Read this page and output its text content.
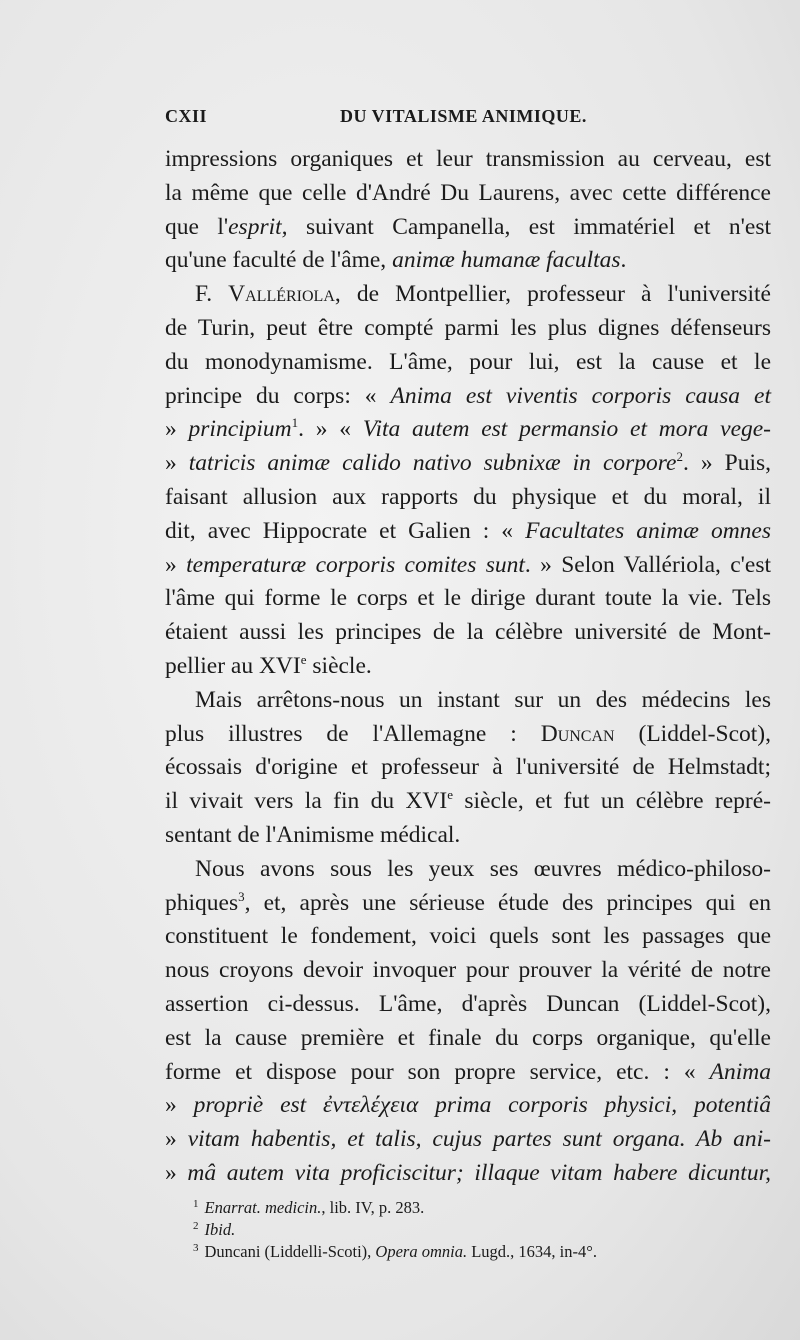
CXII	DU VITALISME ANIMIQUE.
impressions organiques et leur transmission au cerveau, est
la même que celle d'André Du Laurens, avec cette différence
que l'esprit, suivant Campanella, est immatériel et n'est
qu'une faculté de l'âme, animæ humanæ facultas.
F. Vallériola, de Montpellier, professeur à l'université
de Turin, peut être compté parmi les plus dignes défenseurs
du monodynamisme. L'âme, pour lui, est la cause et le
principe du corps: « Anima est viventis corporis causa et
» principium$^1$. » « Vita autem est permansio et mora vege-
» tatricis animæ calido nativo subnixæ in corpore$^2$. » Puis,
faisant allusion aux rapports du physique et du moral, il
dit, avec Hippocrate et Galien : « Facultates animæ omnes
» temperaturæ corporis comites sunt. » Selon Vallériola, c'est
l'âme qui forme le corps et le dirige durant toute la vie. Tels
étaient aussi les principes de la célèbre université de Mont-
pellier au XVIe siècle.
Mais arrêtons-nous un instant sur un des médecins les
plus illustres de l'Allemagne : Duncan (Liddel-Scot),
écossais d'origine et professeur à l'université de Helmstadt;
il vivait vers la fin du XVIe siècle, et fut un célèbre repré-
sentant de l'Animisme médical.
Nous avons sous les yeux ses œuvres médico-philoso-
phiques$^3$, et, après une sérieuse étude des principes qui en
constituent le fondement, voici quels sont les passages que
nous croyons devoir invoquer pour prouver la vérité de notre
assertion ci-dessus. L'âme, d'après Duncan (Liddel-Scot),
est la cause première et finale du corps organique, qu'elle
forme et dispose pour son propre service, etc. : « Anima
» propriè est ἐντελέχεια prima corporis physici, potentiâ
» vitam habentis, et talis, cujus partes sunt organa. Ab ani-
» mâ autem vita proficiscitur; illaque vitam habere dicuntur,
$^1$ Enarrat. medicin., lib. IV, p. 283.
$^2$ Ibid.
$^3$ Duncani (Liddelli-Scoti), Opera omnia. Lugd., 1634, in-4°.
